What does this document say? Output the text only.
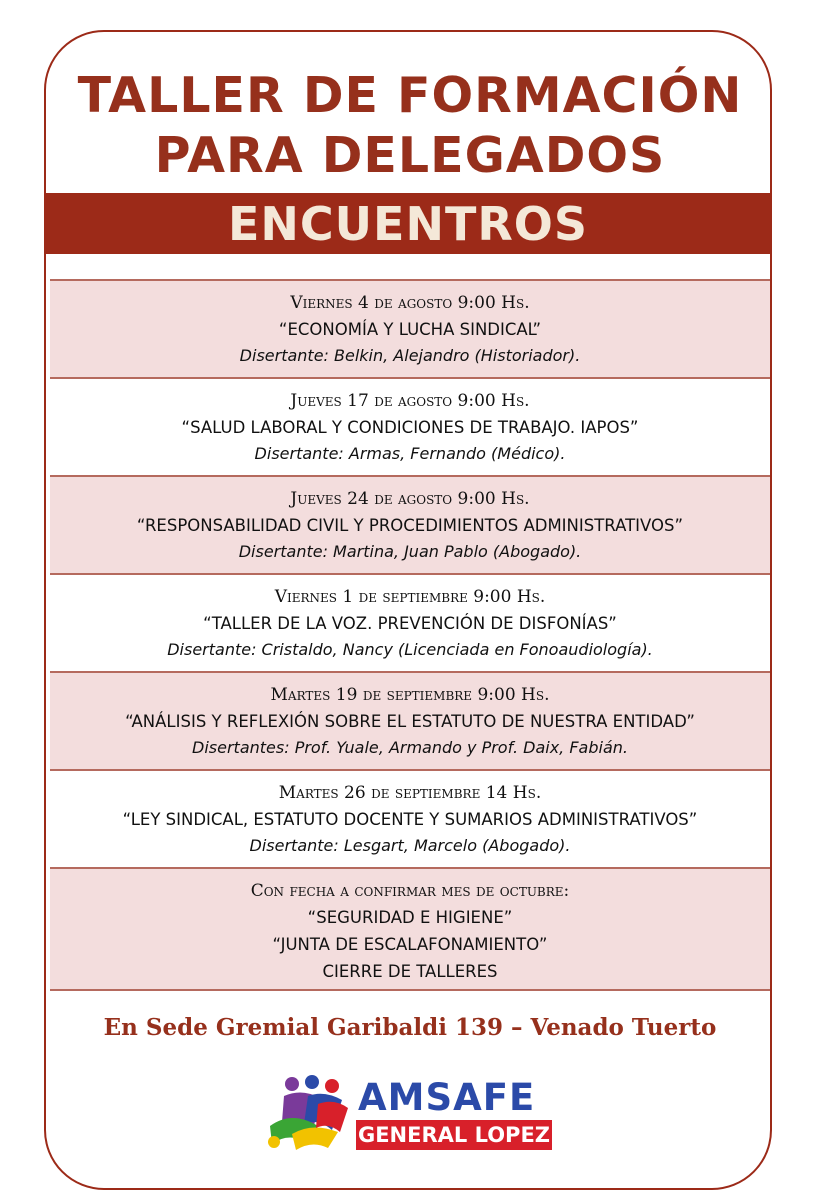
TALLER DE FORMACIÓN
PARA DELEGADOS
ENCUENTROS
Viernes 4 de agosto 9:00 Hs.
“ECONOMÍA Y LUCHA SINDICAL”
Disertante: Belkin, Alejandro (Historiador).
Jueves 17 de agosto 9:00 Hs.
“SALUD LABORAL Y CONDICIONES DE TRABAJO. IAPOS”
Disertante: Armas, Fernando (Médico).
Jueves 24 de agosto 9:00 Hs.
“RESPONSABILIDAD CIVIL Y PROCEDIMIENTOS ADMINISTRATIVOS”
Disertante: Martina, Juan Pablo (Abogado).
Viernes 1 de septiembre 9:00 Hs.
“TALLER DE LA VOZ. PREVENCIÓN DE DISFONÍAS”
Disertante: Cristaldo, Nancy (Licenciada en Fonoaudiología).
Martes 19 de septiembre 9:00 Hs.
“ANÁLISIS Y REFLEXIÓN SOBRE EL ESTATUTO DE NUESTRA ENTIDAD”
Disertantes: Prof. Yuale, Armando y Prof. Daix, Fabián.
Martes 26 de septiembre 14 Hs.
“LEY SINDICAL, ESTATUTO DOCENTE Y SUMARIOS ADMINISTRATIVOS”
Disertante: Lesgart, Marcelo (Abogado).
Con fecha a confirmar mes de octubre:
“SEGURIDAD E HIGIENE”
“JUNTA DE ESCALAFONAMIENTO”
CIERRE DE TALLERES
En Sede Gremial Garibaldi 139 – Venado Tuerto
AMSAFE
GENERAL LOPEZ
